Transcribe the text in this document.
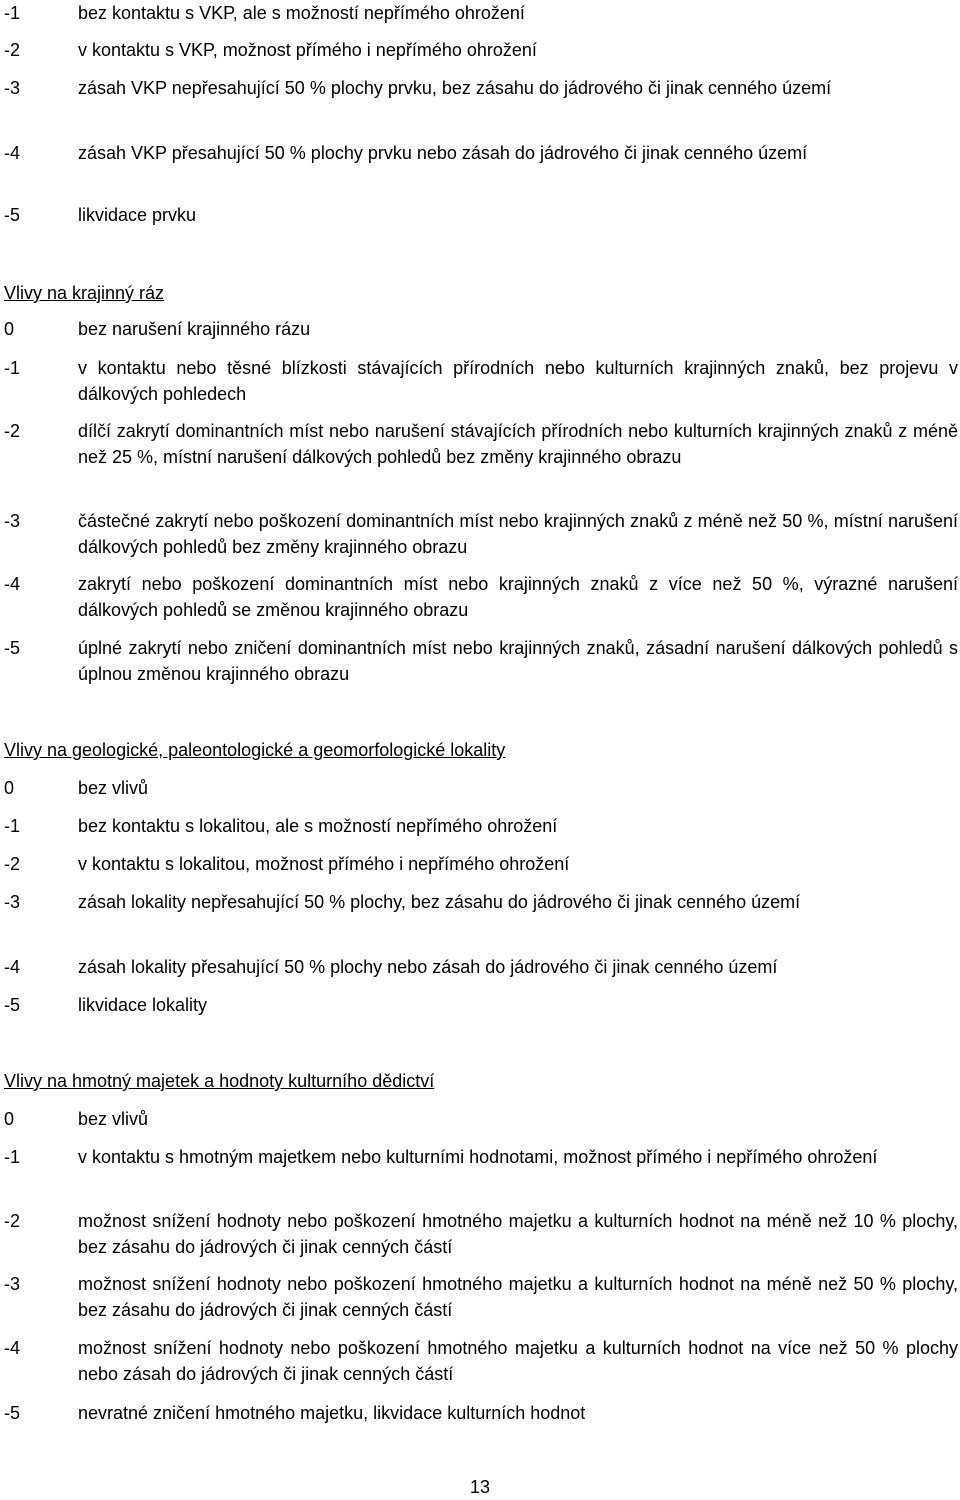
-1	bez kontaktu s VKP, ale s možností nepřímého ohrožení
-2	v kontaktu s VKP, možnost přímého i nepřímého ohrožení
-3	zásah VKP nepřesahující 50 % plochy prvku, bez zásahu do jádrového či jinak cenného území
-4	zásah VKP přesahující 50 % plochy prvku nebo zásah do jádrového či jinak cenného území
-5	likvidace prvku
Vlivy na krajinný ráz
0	bez narušení krajinného rázu
-1	v kontaktu nebo těsné blízkosti stávajících přírodních nebo kulturních krajinných znaků, bez projevu v dálkových pohledech
-2	dílčí zakrytí dominantních míst nebo narušení stávajících přírodních nebo kulturních krajinných znaků z méně než 25 %, místní narušení dálkových pohledů bez změny krajinného obrazu
-3	částečné zakrytí nebo poškození dominantních míst nebo krajinných znaků z méně než 50 %, místní narušení dálkových pohledů bez změny krajinného obrazu
-4	zakrytí nebo poškození dominantních míst nebo krajinných znaků z více než 50 %, výrazné narušení dálkových pohledů se změnou krajinného obrazu
-5	úplné zakrytí nebo zničení dominantních míst nebo krajinných znaků, zásadní narušení dálkových pohledů s úplnou změnou krajinného obrazu
Vlivy na geologické, paleontologické a geomorfologické lokality
0	bez vlivů
-1	bez kontaktu s lokalitou, ale s možností nepřímého ohrožení
-2	v kontaktu s lokalitou, možnost přímého i nepřímého ohrožení
-3	zásah lokality nepřesahující 50 % plochy, bez zásahu do jádrového či jinak cenného území
-4	zásah lokality přesahující 50 % plochy nebo zásah do jádrového či jinak cenného území
-5	likvidace lokality
Vlivy na hmotný majetek a hodnoty kulturního dědictví
0	bez vlivů
-1	v kontaktu s hmotným majetkem nebo kulturními hodnotami, možnost přímého i nepřímého ohrožení
-2	možnost snížení hodnoty nebo poškození hmotného majetku a kulturních hodnot na méně než 10 % plochy, bez zásahu do jádrových či jinak cenných částí
-3	možnost snížení hodnoty nebo poškození hmotného majetku a kulturních hodnot na méně než 50 % plochy, bez zásahu do jádrových či jinak cenných částí
-4	možnost snížení hodnoty nebo poškození hmotného majetku a kulturních hodnot na více než 50 % plochy nebo zásah do jádrových či jinak cenných částí
-5	nevratné zničení hmotného majetku, likvidace kulturních hodnot
13
